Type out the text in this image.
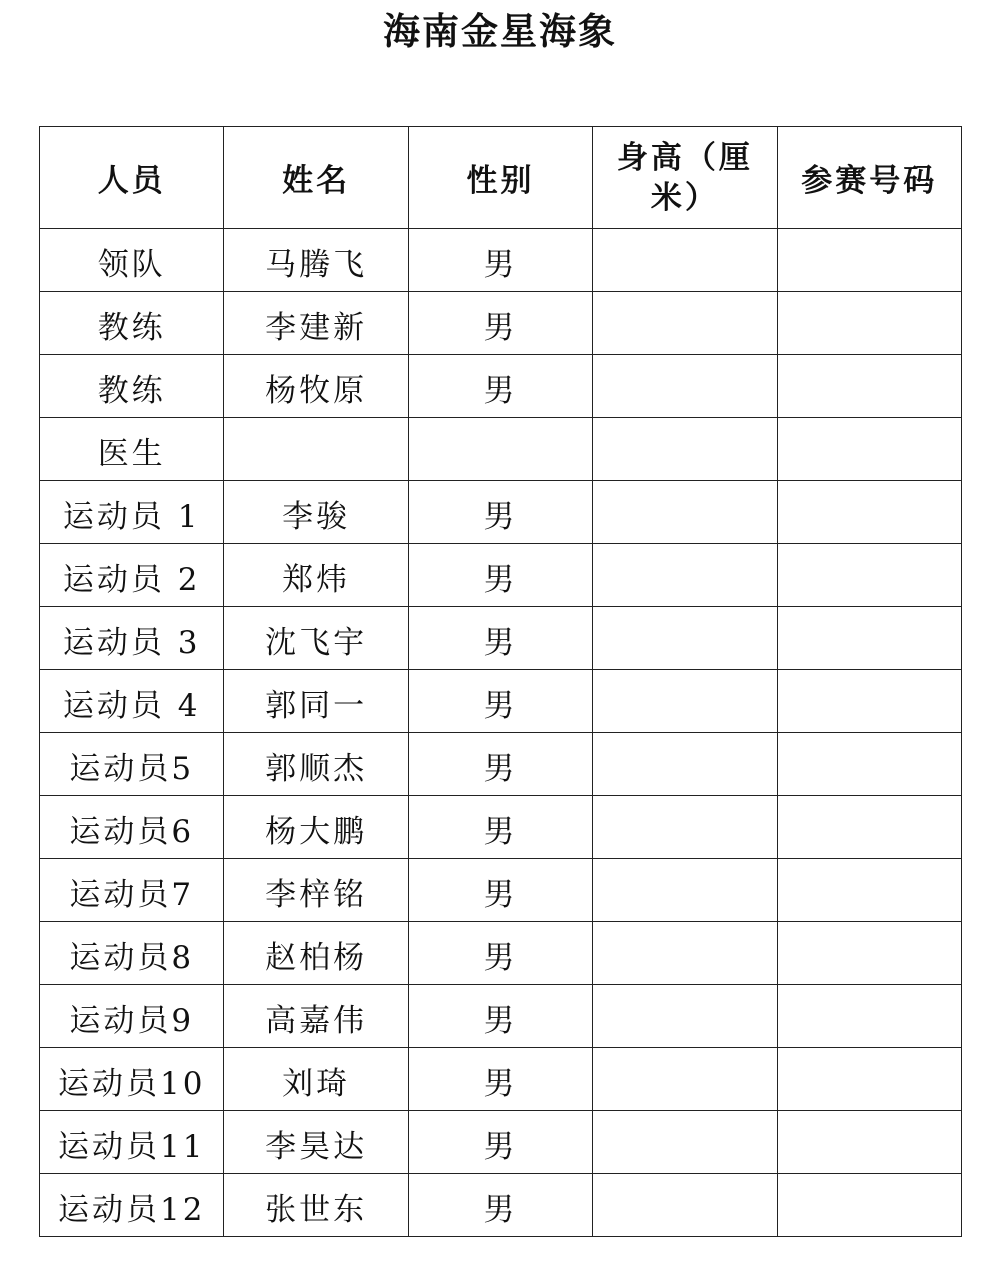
海南金星海象
人员	姓名	性别	身高（厘米）	参赛号码
领队	马腾飞	男		
教练	李建新	男		
教练	杨牧原	男		
医生				
运动员 1	李骏	男		
运动员 2	郑炜	男		
运动员 3	沈飞宇	男		
运动员 4	郭同一	男		
运动员5	郭顺杰	男		
运动员6	杨大鹏	男		
运动员7	李梓铭	男		
运动员8	赵柏杨	男		
运动员9	高嘉伟	男		
运动员10	刘琦	男		
运动员11	李昊达	男		
运动员12	张世东	男		
